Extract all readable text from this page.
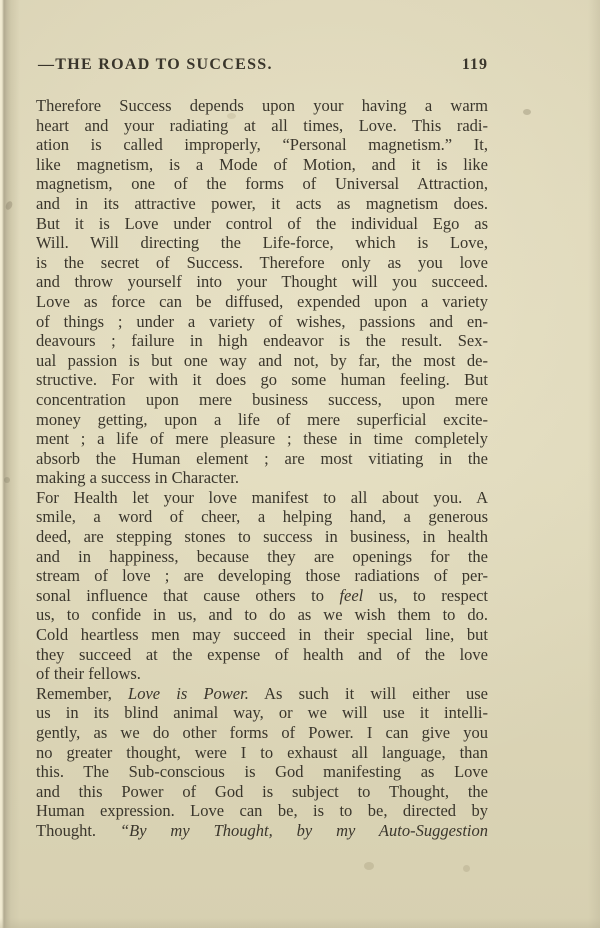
—THE ROAD TO SUCCESS.	119
Therefore Success depends upon your having a warm
heart and your radiating at all times, Love. This radi-
ation is called improperly, “Personal magnetism.” It,
like magnetism, is a Mode of Motion, and it is like
magnetism, one of the forms of Universal Attraction,
and in its attractive power, it acts as magnetism does.
But it is Love under control of the individual Ego as
Will. Will directing the Life-force, which is Love,
is the secret of Success. Therefore only as you love
and throw yourself into your Thought will you succeed.
Love as force can be diffused, expended upon a variety
of things ; under a variety of wishes, passions and en-
deavours ; failure in high endeavor is the result. Sex-
ual passion is but one way and not, by far, the most de-
structive. For with it does go some human feeling. But
concentration upon mere business success, upon mere
money getting, upon a life of mere superficial excite-
ment ; a life of mere pleasure ; these in time completely
absorb the Human element ; are most vitiating in the
making a success in Character.
For Health let your love manifest to all about you. A
smile, a word of cheer, a helping hand, a generous
deed, are stepping stones to success in business, in health
and in happiness, because they are openings for the
stream of love ; are developing those radiations of per-
sonal influence that cause others to feel us, to respect
us, to confide in us, and to do as we wish them to do.
Cold heartless men may succeed in their special line, but
they succeed at the expense of health and of the love
of their fellows.
Remember, Love is Power. As such it will either use
us in its blind animal way, or we will use it intelli-
gently, as we do other forms of Power. I can give you
no greater thought, were I to exhaust all language, than
this. The Sub-conscious is God manifesting as Love
and this Power of God is subject to Thought, the
Human expression. Love can be, is to be, directed by
Thought. “By my Thought, by my Auto-Suggestion
